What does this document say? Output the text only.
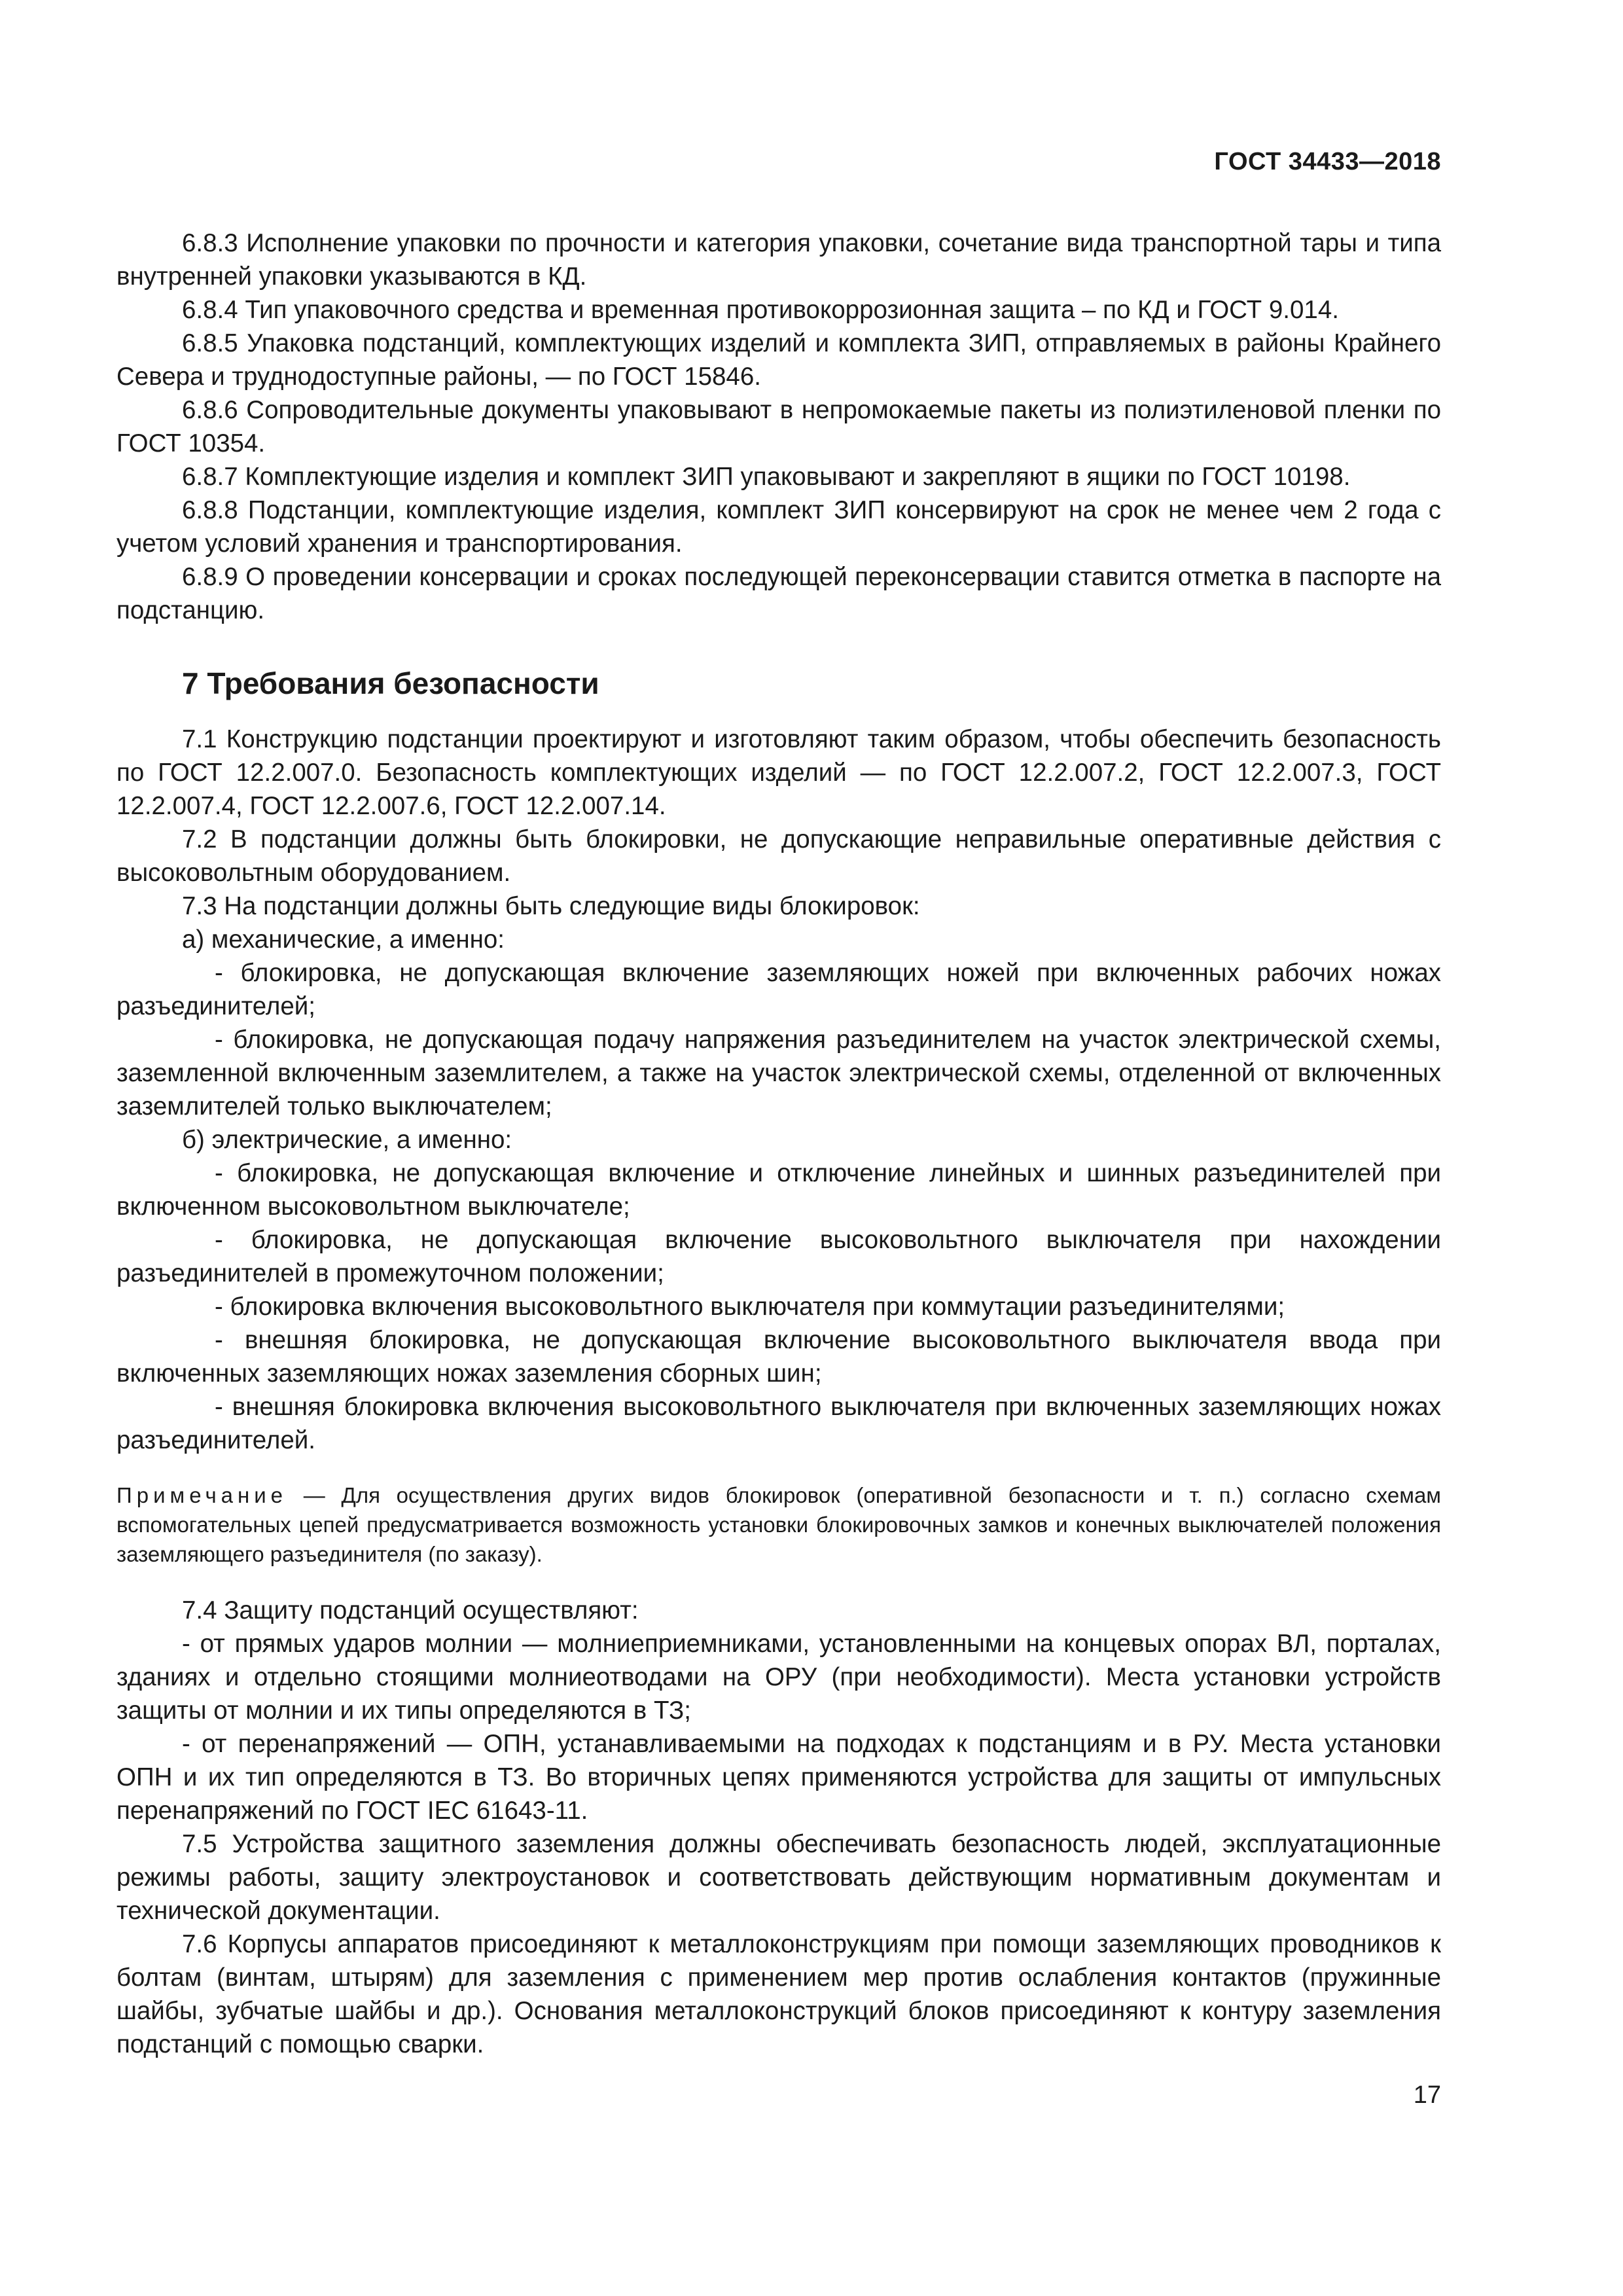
ГОСТ 34433—2018

6.8.3 Исполнение упаковки по прочности и категория упаковки, сочетание вида транспортной тары и типа внутренней упаковки указываются в КД.

6.8.4 Тип упаковочного средства и временная противокоррозионная защита – по КД и ГОСТ 9.014.

6.8.5 Упаковка подстанций, комплектующих изделий и комплекта ЗИП, отправляемых в районы Крайнего Севера и труднодоступные районы, — по ГОСТ 15846.

6.8.6 Сопроводительные документы упаковывают в непромокаемые пакеты из полиэтиленовой пленки по ГОСТ 10354.

6.8.7 Комплектующие изделия и комплект ЗИП упаковывают и закрепляют в ящики по ГОСТ 10198.

6.8.8 Подстанции, комплектующие изделия, комплект ЗИП консервируют на срок не менее чем 2 года с учетом условий хранения и транспортирования.

6.8.9 О проведении консервации и сроках последующей переконсервации ставится отметка в паспорте на подстанцию.

7 Требования безопасности

7.1 Конструкцию подстанции проектируют и изготовляют таким образом, чтобы обеспечить безопасность по ГОСТ 12.2.007.0. Безопасность комплектующих изделий — по ГОСТ 12.2.007.2, ГОСТ 12.2.007.3, ГОСТ 12.2.007.4, ГОСТ 12.2.007.6, ГОСТ 12.2.007.14.

7.2 В подстанции должны быть блокировки, не допускающие неправильные оперативные действия с высоковольтным оборудованием.

7.3 На подстанции должны быть следующие виды блокировок:

а) механические, а именно:

- блокировка, не допускающая включение заземляющих ножей при включенных рабочих ножах разъединителей;

- блокировка, не допускающая подачу напряжения разъединителем на участок электрической схемы, заземленной включенным заземлителем, а также на участок электрической схемы, отделенной от включенных заземлителей только выключателем;

б) электрические, а именно:

- блокировка, не допускающая включение и отключение линейных и шинных разъединителей при включенном высоковольтном выключателе;

- блокировка, не допускающая включение высоковольтного выключателя при нахождении разъединителей в промежуточном положении;

- блокировка включения высоковольтного выключателя при коммутации разъединителями;

- внешняя блокировка, не допускающая включение высоковольтного выключателя ввода при включенных заземляющих ножах заземления сборных шин;

- внешняя блокировка включения высоковольтного выключателя при включенных заземляющих ножах разъединителей.

Примечание — Для осуществления других видов блокировок (оперативной безопасности и т. п.) согласно схемам вспомогательных цепей предусматривается возможность установки блокировочных замков и конечных выключателей положения заземляющего разъединителя (по заказу).

7.4 Защиту подстанций осуществляют:

- от прямых ударов молнии — молниеприемниками, установленными на концевых опорах ВЛ, порталах, зданиях и отдельно стоящими молниеотводами на ОРУ (при необходимости). Места установки устройств защиты от молнии и их типы определяются в ТЗ;

- от перенапряжений — ОПН, устанавливаемыми на подходах к подстанциям и в РУ. Места установки ОПН и их тип определяются в ТЗ. Во вторичных цепях применяются устройства для защиты от импульсных перенапряжений по ГОСТ IEC 61643-11.

7.5 Устройства защитного заземления должны обеспечивать безопасность людей, эксплуатационные режимы работы, защиту электроустановок и соответствовать действующим нормативным документам и технической документации.

7.6 Корпусы аппаратов присоединяют к металлоконструкциям при помощи заземляющих проводников к болтам (винтам, штырям) для заземления с применением мер против ослабления контактов (пружинные шайбы, зубчатые шайбы и др.). Основания металлоконструкций блоков присоединяют к контуру заземления подстанций с помощью сварки.

17
